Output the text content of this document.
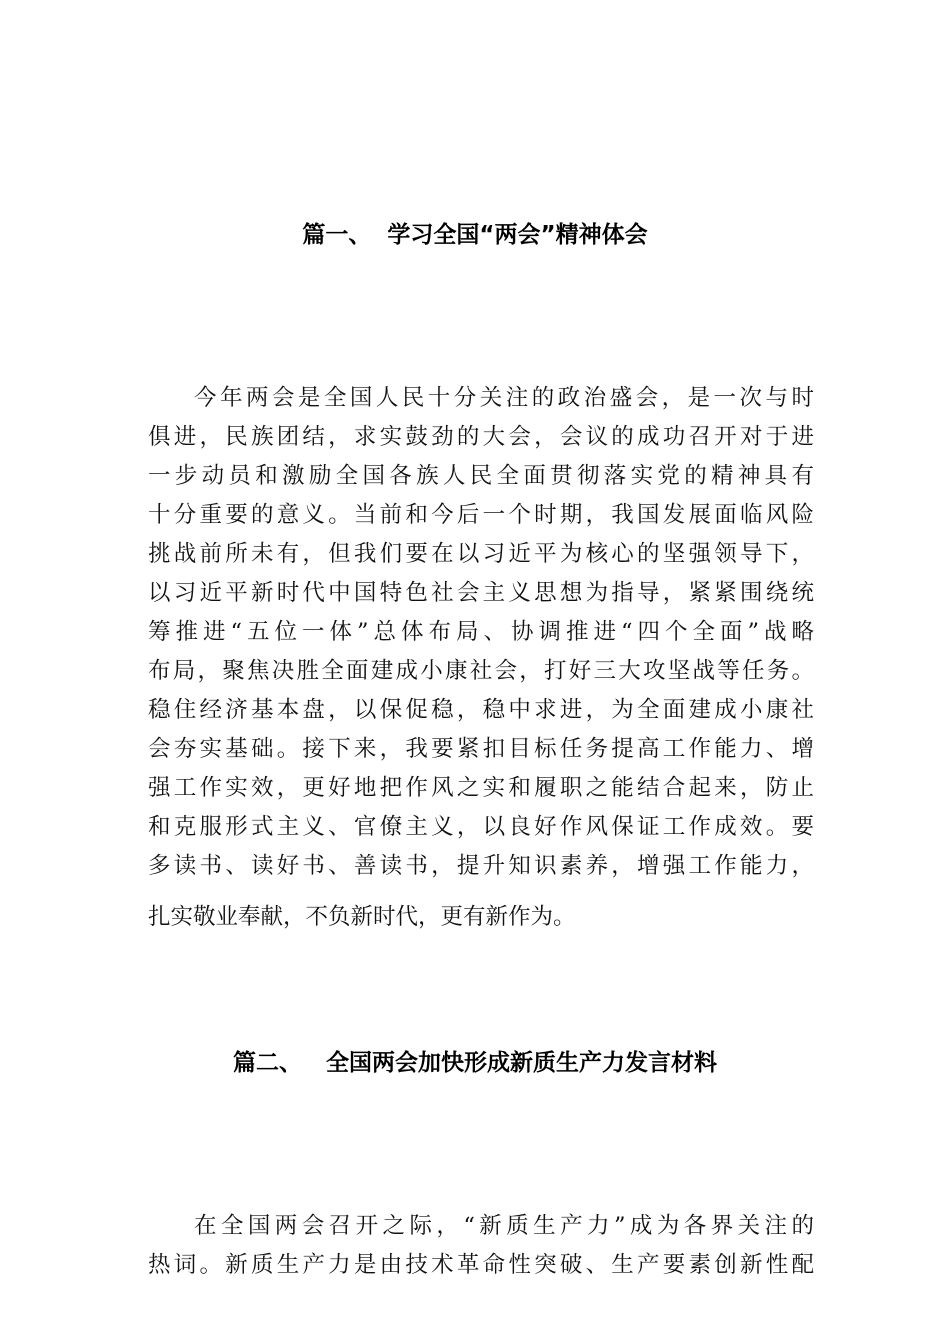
篇一、  学习全国“两会”精神体会
今年两会是全国人民十分关注的政治盛会，是一次与时
俱进，民族团结，求实鼓劲的大会，会议的成功召开对于进
一步动员和激励全国各族人民全面贯彻落实党的精神具有
十分重要的意义。当前和今后一个时期，我国发展面临风险
挑战前所未有，但我们要在以习近平为核心的坚强领导下，
以习近平新时代中国特色社会主义思想为指导，紧紧围绕统
筹推进“五位一体”总体布局、协调推进“四个全面”战略
布局，聚焦决胜全面建成小康社会，打好三大攻坚战等任务。
稳住经济基本盘，以保促稳，稳中求进，为全面建成小康社
会夯实基础。接下来，我要紧扣目标任务提高工作能力、增
强工作实效，更好地把作风之实和履职之能结合起来，防止
和克服形式主义、官僚主义，以良好作风保证工作成效。要
多读书、读好书、善读书，提升知识素养，增强工作能力，
扎实敬业奉献，不负新时代，更有新作为。
篇二、   全国两会加快形成新质生产力发言材料
在全国两会召开之际，“新质生产力”成为各界关注的
热词。新质生产力是由技术革命性突破、生产要素创新性配
